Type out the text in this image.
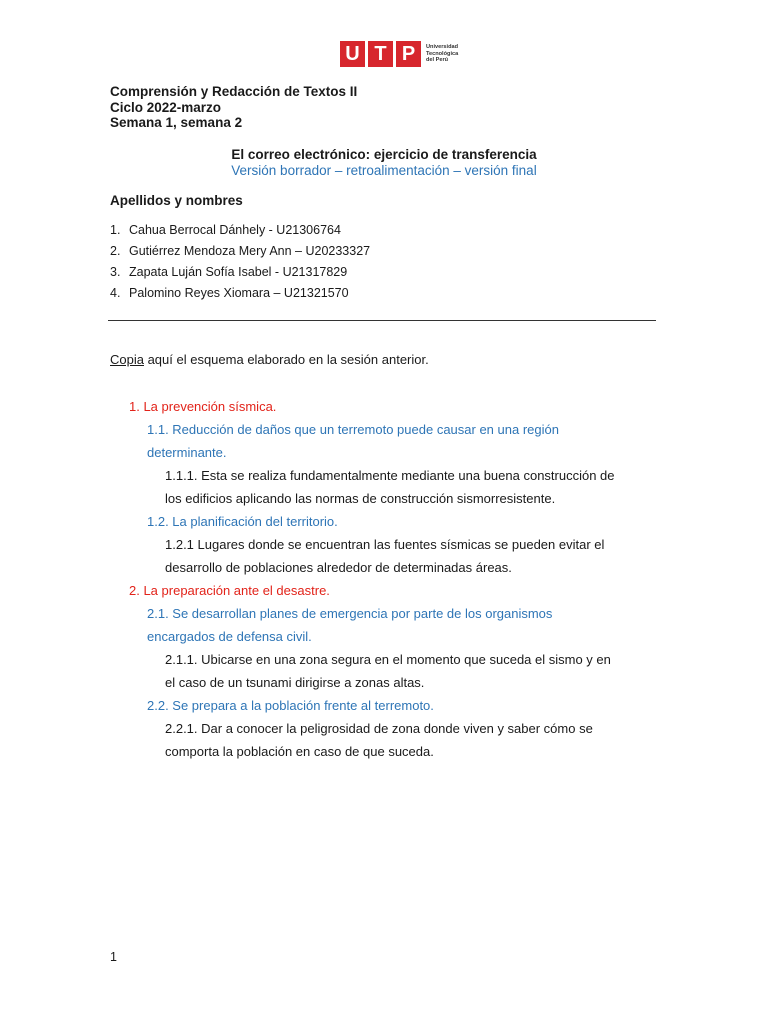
U T P	Universidad
Tecnológica
del Perú
Comprensión y Redacción de Textos II
Ciclo 2022-marzo
Semana 1, semana 2
El correo electrónico: ejercicio de transferencia
Versión borrador – retroalimentación – versión final
Apellidos y nombres
1. Cahua Berrocal Dánhely - U21306764
2. Gutiérrez Mendoza Mery Ann – U20233327
3. Zapata Luján Sofía Isabel - U21317829
4. Palomino Reyes Xiomara – U21321570
Copia aquí el esquema elaborado en la sesión anterior.
1. La prevención sísmica.
1.1. Reducción de daños que un terremoto puede causar en una región
determinante.
1.1.1. Esta se realiza fundamentalmente mediante una buena construcción de
los edificios aplicando las normas de construcción sismorresistente.
1.2. La planificación del territorio.
1.2.1 Lugares donde se encuentran las fuentes sísmicas se pueden evitar el
desarrollo de poblaciones alrededor de determinadas áreas.
2. La preparación ante el desastre.
2.1. Se desarrollan planes de emergencia por parte de los organismos
encargados de defensa civil.
2.1.1. Ubicarse en una zona segura en el momento que suceda el sismo y en
el caso de un tsunami dirigirse a zonas altas.
2.2. Se prepara a la población frente al terremoto.
2.2.1. Dar a conocer la peligrosidad de zona donde viven y saber cómo se
comporta la población en caso de que suceda.
1
